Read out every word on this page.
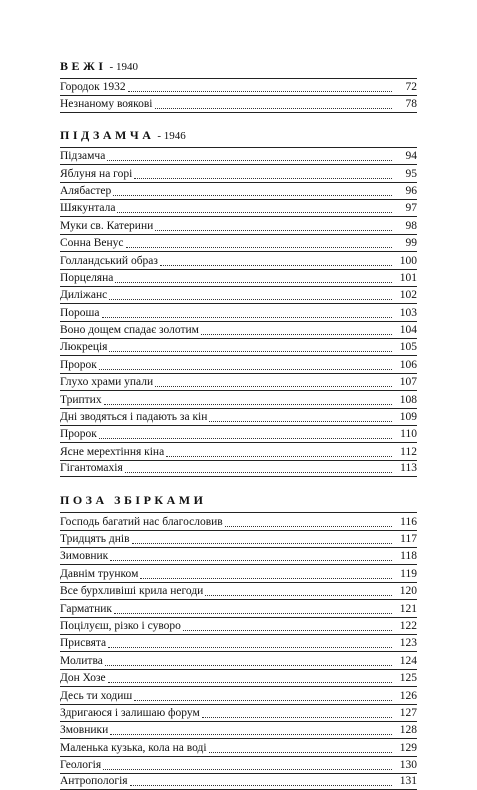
ВЕЖІ - 1940
Городок 1932	72
Незнаному воякові	78
ПІДЗАМЧА - 1946
Підзамча	94
Яблуня на горі	95
Алябастер	96
Шякунтала	97
Муки св. Катерини	98
Сонна Венус	99
Голландський образ	100
Порцеляна	101
Диліжанс	102
Пороша	103
Воно дощем спадає золотим	104
Люкреція	105
Пророк	106
Глухо храми упали	107
Триптих	108
Дні зводяться і падають за кін	109
Пророк	110
Ясне мерехтіння кіна	112
Гігантомахія	113
ПОЗА ЗБІРКАМИ
Господь багатий нас благословив	116
Тридцять днів	117
Зимовник	118
Давнім трунком	119
Все бурхливіші крила негоди	120
Гарматник	121
Поцілуєш, різко і суворо	122
Присвята	123
Молитва	124
Дон Хозе	125
Десь ти ходиш	126
Здригаюся і залишаю форум	127
Змовники	128
Маленька кузька, кола на воді	129
Геологія	130
Антропологія	131
